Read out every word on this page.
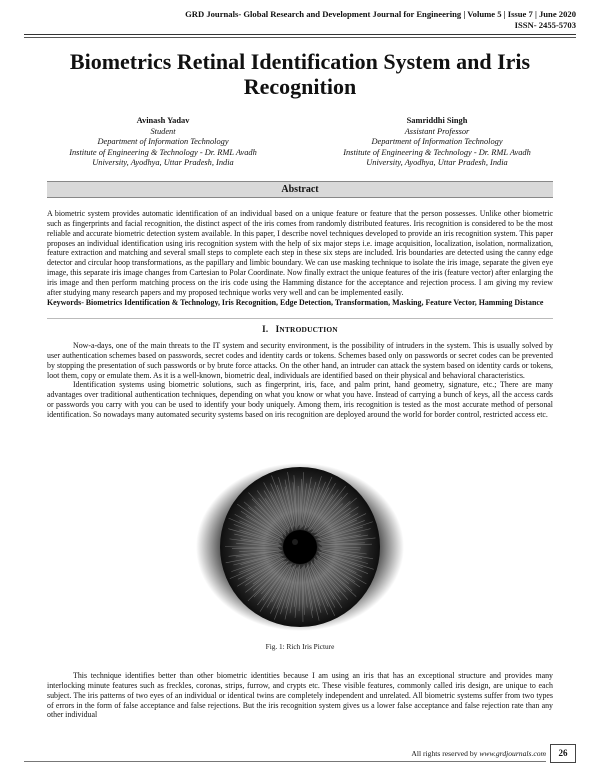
GRD Journals- Global Research and Development Journal for Engineering | Volume 5 | Issue 7 | June 2020
ISSN- 2455-5703
Biometrics Retinal Identification System and Iris Recognition
Avinash Yadav
Student
Department of Information Technology
Institute of Engineering & Technology - Dr. RML Avadh
University, Ayodhya, Uttar Pradesh, India
Samriddhi Singh
Assistant Professor
Department of Information Technology
Institute of Engineering & Technology - Dr. RML Avadh
University, Ayodhya, Uttar Pradesh, India
Abstract
A biometric system provides automatic identification of an individual based on a unique feature or feature that the person possesses. Unlike other biometric such as fingerprints and facial recognition, the distinct aspect of the iris comes from randomly distributed features. Iris recognition is considered to be the most reliable and accurate biometric detection system available. In this paper, I describe novel techniques developed to provide an iris recognition system. This paper proposes an individual identification using iris recognition system with the help of six major steps i.e. image acquisition, localization, isolation, normalization, feature extraction and matching and several small steps to complete each step in these six steps are included. Iris boundaries are detected using the canny edge detector and circular hoop transformations, as the papillary and limbic boundary. We can use masking technique to isolate the iris image, separate the given eye image, this separate iris image changes from Cartesian to Polar Coordinate. Now finally extract the unique features of the iris (feature vector) after enlarging the iris image and then perform matching process on the iris code using the Hamming distance for the acceptance and rejection process. I am giving my review after studying many research papers and my proposed technique works very well and can be implemented easily.
Keywords- Biometrics Identification & Technology, Iris Recognition, Edge Detection, Transformation, Masking, Feature Vector, Hamming Distance
I. INTRODUCTION

Now-a-days, one of the main threats to the IT system and security environment, is the possibility of intruders in the system. This is usually solved by user authentication schemes based on passwords, secret codes and identity cards or tokens. Schemes based only on passwords or secret codes can be prevented by stopping the presentation of such passwords or by brute force attacks. On the other hand, an intruder can attack the system based on identity cards or tokens, loot them, copy or emulate them. As it is a well-known, biometric deal, individuals are identified based on their physical and behavioral characteristics.

Identification systems using biometric solutions, such as fingerprint, iris, face, and palm print, hand geometry, signature, etc.; There are many advantages over traditional authentication techniques, depending on what you know or what you have. Instead of carrying a bunch of keys, all the access cards or passwords you carry with you can be used to identify your body uniquely. Among them, iris recognition is tested as the most accurate method of personal identification. So nowadays many automated security systems based on iris recognition are deployed around the world for border control, restricted access etc.

Fig. 1: Rich Iris Picture

This technique identifies better than other biometric identities because I am using an iris that has an exceptional structure and provides many interlocking minute features such as freckles, coronas, strips, furrow, and crypts etc. These visible features, commonly called iris design, are unique to each subject. The iris patterns of two eyes of an individual or identical twins are completely independent and unrelated. All biometric systems suffer from two types of errors in the form of false acceptance and false rejections. But the iris recognition system gives us a lower false acceptance and false rejection rate than any other individual

All rights reserved by www.grdjournals.com	26
